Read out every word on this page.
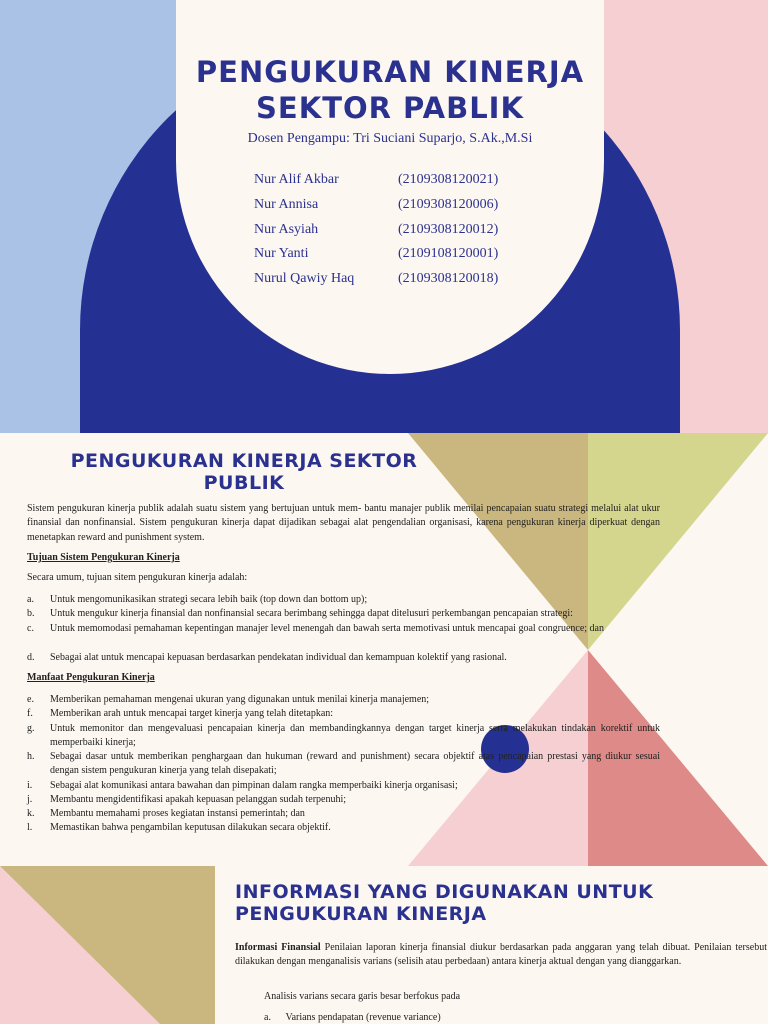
PENGUKURAN KINERJA
SEKTOR PABLIK
Dosen Pengampu: Tri Suciani Suparjo, S.Ak.,M.Si
Nur Alif Akbar	(2109308120021)
Nur Annisa	(2109308120006)
Nur Asyiah	(2109308120012)
Nur Yanti	(2109108120001)
Nurul Qawiy Haq	(2109308120018)
PENGUKURAN KINERJA SEKTOR
PUBLIK

Sistem pengukuran kinerja publik adalah suatu sistem yang bertujuan untuk mem- bantu manajer publik menilai pencapaian suatu strategi melalui alat ukur finansial dan nonfinansial. Sistem pengukuran kinerja dapat dijadikan sebagai alat pengendalian organisasi, karena pengukuran kinerja diperkuat dengan menetapkan reward and punishment system.

Tujuan Sistem Pengukuran Kinerja
Secara umum, tujuan sitem pengukuran kinerja adalah:
a. Untuk mengomunikasikan strategi secara lebih baik (top down dan bottom up);
b. Untuk mengukur kinerja finansial dan nonfinansial secara berimbang sehingga dapat ditelusuri perkembangan pencapaian strategi:
c. Untuk memomodasi pemahaman kepentingan manajer level menengah dan bawah serta memotivasi untuk mencapai goal congruence; dan
d. Sebagai alat untuk mencapai kepuasan berdasarkan pendekatan individual dan kemampuan kolektif yang rasional.
Manfaat Pengukuran Kinerja
e. Memberikan pemahaman mengenai ukuran yang digunakan untuk menilai kinerja manajemen;
f. Memberikan arah untuk mencapai target kinerja yang telah ditetapkan:
g. Untuk memonitor dan mengevaluasi pencapaian kinerja dan membandingkannya dengan target kinerja serta melakukan tindakan korektif untuk memperbaiki kinerja;
h. Sebagai dasar untuk memberikan penghargaan dan hukuman (reward and punishment) secara objektif atas pencapaian prestasi yang diukur sesuai dengan sistem pengukuran kinerja yang telah disepakati;
i. Sebagai alat komunikasi antara bawahan dan pimpinan dalam rangka memperbaiki kinerja organisasi;
j. Membantu mengidentifikasi apakah kepuasan pelanggan sudah terpenuhi;
k. Membantu memahami proses kegiatan instansi pemerintah; dan
l. Memastikan bahwa pengambilan keputusan dilakukan secara objektif.
INFORMASI YANG DIGUNAKAN UNTUK
PENGUKURAN KINERJA

Informasi Finansial Penilaian laporan kinerja finansial diukur berdasarkan pada anggaran yang telah dibuat. Penilaian tersebut dilakukan dengan menganalisis varians (selisih atau perbedaan) antara kinerja aktual dengan yang dianggarkan.

Analisis varians secara garis besar berfokus pada
a. Varians pendapatan (revenue variance)
